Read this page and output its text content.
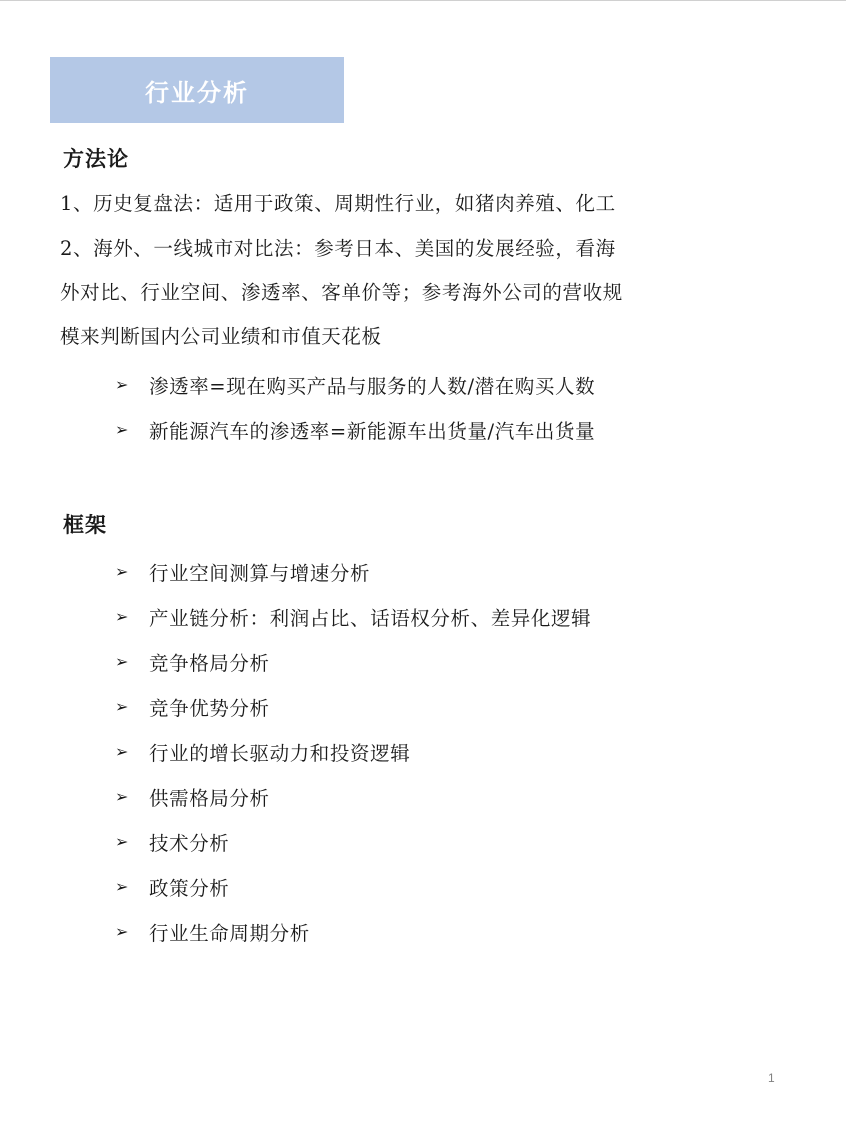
行业分析
方法论
1、历史复盘法：适用于政策、周期性行业，如猪肉养殖、化工
2、海外、一线城市对比法：参考日本、美国的发展经验，看海
外对比、行业空间、渗透率、客单价等；参考海外公司的营收规
模来判断国内公司业绩和市值天花板
➢	渗透率=现在购买产品与服务的人数/潜在购买人数
➢	新能源汽车的渗透率=新能源车出货量/汽车出货量
框架
➢	行业空间测算与增速分析
➢	产业链分析：利润占比、话语权分析、差异化逻辑
➢	竞争格局分析
➢	竞争优势分析
➢	行业的增长驱动力和投资逻辑
➢	供需格局分析
➢	技术分析
➢	政策分析
➢	行业生命周期分析
1
